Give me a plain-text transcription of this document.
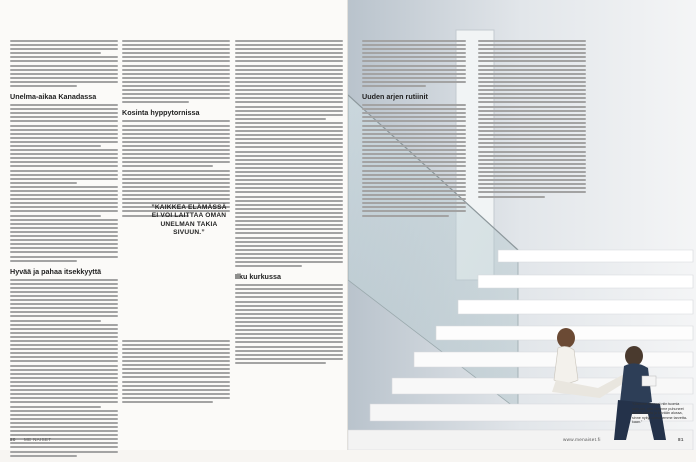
Unelma-aikaa Kanadassa
Hyvää ja pahaa itsekkyyttä
Kosinta hyppytornissa
”KAIKKEA ELÄMÄSSÄ EI VOI LAITTAA OMAN UNELMAN TAKIA SIVUUN.”
Ilku kurkussa
80 ME NAISET
Uuden arjen rutiinit
”Olemme mennet niin tuomia nain-sin, että olemme puhuneet asumi-mosta jo kevään alussa, sinne nykyi-sessä-emme tarvetta-kaan.”
www.menaiset.fi	81
